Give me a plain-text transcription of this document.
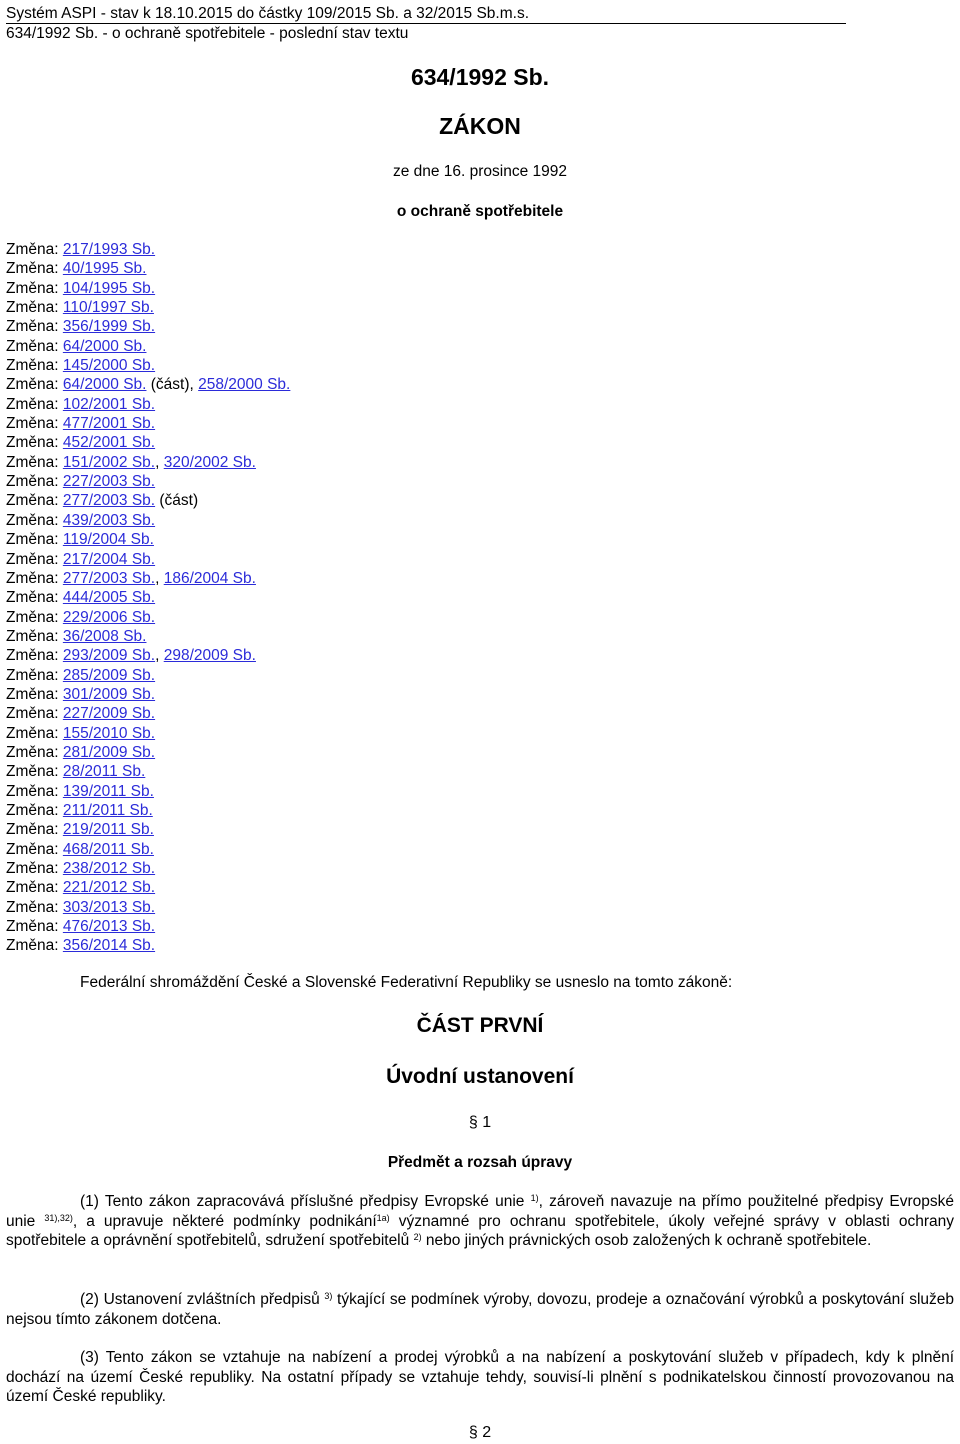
Systém ASPI - stav k 18.10.2015 do částky 109/2015 Sb. a 32/2015 Sb.m.s.
634/1992 Sb. - o ochraně spotřebitele - poslední stav textu
634/1992 Sb.
ZÁKON
ze dne 16. prosince 1992
o ochraně spotřebitele
Změna: 217/1993 Sb.
Změna: 40/1995 Sb.
Změna: 104/1995 Sb.
Změna: 110/1997 Sb.
Změna: 356/1999 Sb.
Změna: 64/2000 Sb.
Změna: 145/2000 Sb.
Změna: 64/2000 Sb. (část), 258/2000 Sb.
Změna: 102/2001 Sb.
Změna: 477/2001 Sb.
Změna: 452/2001 Sb.
Změna: 151/2002 Sb., 320/2002 Sb.
Změna: 227/2003 Sb.
Změna: 277/2003 Sb. (část)
Změna: 439/2003 Sb.
Změna: 119/2004 Sb.
Změna: 217/2004 Sb.
Změna: 277/2003 Sb., 186/2004 Sb.
Změna: 444/2005 Sb.
Změna: 229/2006 Sb.
Změna: 36/2008 Sb.
Změna: 293/2009 Sb., 298/2009 Sb.
Změna: 285/2009 Sb.
Změna: 301/2009 Sb.
Změna: 227/2009 Sb.
Změna: 155/2010 Sb.
Změna: 281/2009 Sb.
Změna: 28/2011 Sb.
Změna: 139/2011 Sb.
Změna: 211/2011 Sb.
Změna: 219/2011 Sb.
Změna: 468/2011 Sb.
Změna: 238/2012 Sb.
Změna: 221/2012 Sb.
Změna: 303/2013 Sb.
Změna: 476/2013 Sb.
Změna: 356/2014 Sb.
Federální shromáždění České a Slovenské Federativní Republiky se usneslo na tomto zákoně:
ČÁST PRVNÍ
Úvodní ustanovení
§ 1
Předmět a rozsah úpravy
(1) Tento zákon zapracovává příslušné předpisy Evropské unie $^{1)}$, zároveň navazuje na přímo použitelné předpisy Evropské unie $^{31),32)}$, a upravuje některé podmínky podnikání$^{1a)}$ významné pro ochranu spotřebitele, úkoly veřejné správy v oblasti ochrany spotřebitele a oprávnění spotřebitelů, sdružení spotřebitelů $^{2)}$ nebo jiných právnických osob založených k ochraně spotřebitele.
(2) Ustanovení zvláštních předpisů $^{3)}$ týkající se podmínek výroby, dovozu, prodeje a označování výrobků a poskytování služeb nejsou tímto zákonem dotčena.
(3) Tento zákon se vztahuje na nabízení a prodej výrobků a na nabízení a poskytování služeb v případech, kdy k plnění dochází na území České republiky. Na ostatní případy se vztahuje tehdy, souvisí-li plnění s podnikatelskou činností provozovanou na území České republiky.
§ 2
